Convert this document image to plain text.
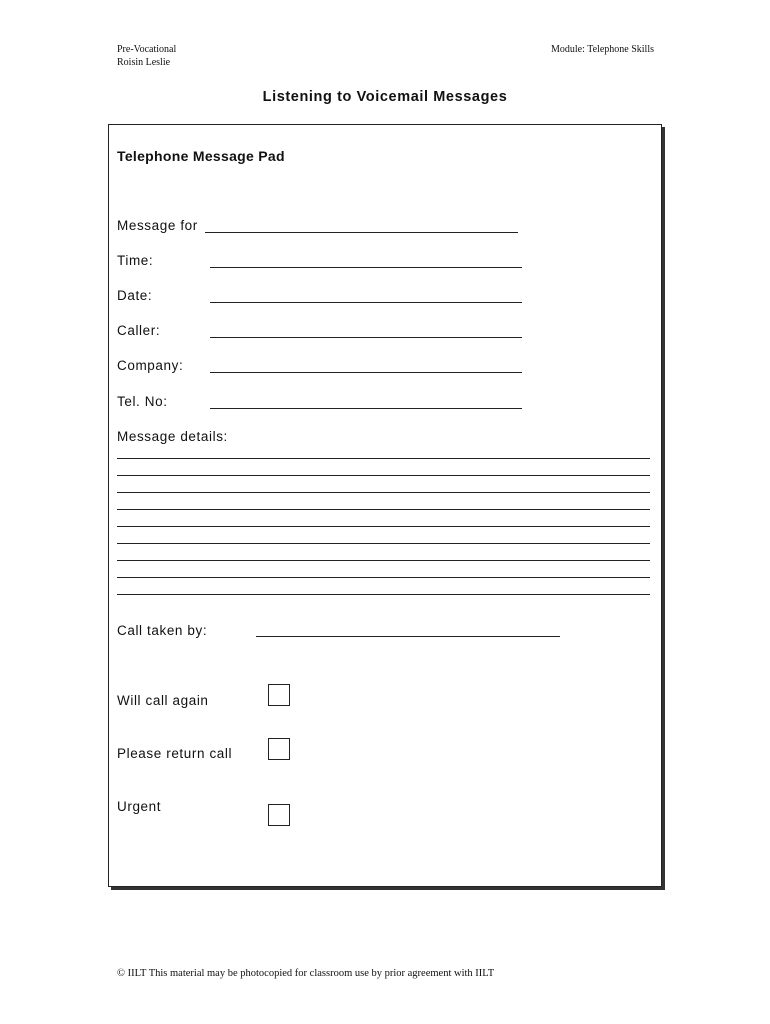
Pre-Vocational
Roisin Leslie
Module: Telephone Skills
Listening to Voicemail Messages
Telephone Message Pad
Message for
Time:
Date:
Caller:
Company:
Tel. No:
Message details:
Call taken by:
Will call again
Please return call
Urgent
© IILT This material may be photocopied for classroom use by prior agreement with IILT
